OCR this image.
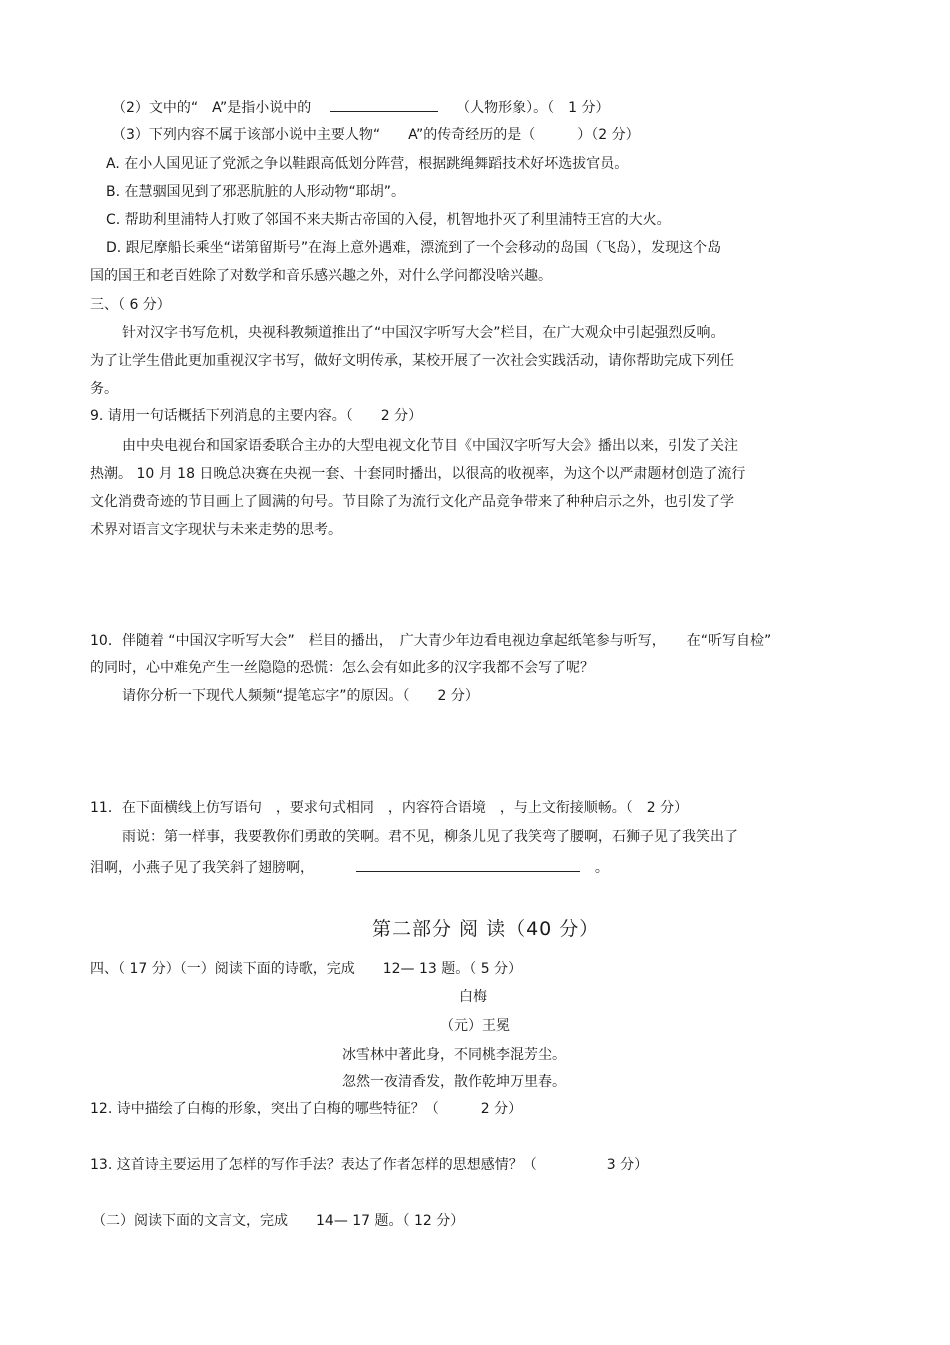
（2）文中的“　A”是指小说中的	（人物形象）。（　1 分）
（3）下列内容不属于该部小说中主要人物“　　A”的传奇经历的是（　　　）（2 分）
A. 在小人国见证了党派之争以鞋跟高低划分阵营，根据跳绳舞蹈技术好坏选拔官员。
B. 在慧骃国见到了邪恶肮脏的人形动物“耶胡”。
C. 帮助利里浦特人打败了邻国不来夫斯古帝国的入侵，机智地扑灭了利里浦特王宫的大火。
D. 跟尼摩船长乘坐“诺第留斯号”在海上意外遇难，漂流到了一个会移动的岛国（飞岛），发现这个岛
国的国王和老百姓除了对数学和音乐感兴趣之外，对什么学问都没啥兴趣。
三、（ 6 分）
针对汉字书写危机，央视科教频道推出了“中国汉字听写大会”栏目，在广大观众中引起强烈反响。
为了让学生借此更加重视汉字书写，做好文明传承，某校开展了一次社会实践活动，请你帮助完成下列任
务。
9. 请用一句话概括下列消息的主要内容。（　　2 分）
由中央电视台和国家语委联合主办的大型电视文化节目《中国汉字听写大会》播出以来，引发了关注
热潮。 10 月 18 日晚总决赛在央视一套、十套同时播出，以很高的收视率，为这个以严肃题材创造了流行
文化消费奇迹的节目画上了圆满的句号。节目除了为流行文化产品竞争带来了种种启示之外，也引发了学
术界对语言文字现状与未来走势的思考。
10．伴随着 “中国汉字听写大会”　栏目的播出，　广大青少年边看电视边拿起纸笔参与听写，　　在“听写自检”
的同时，心中难免产生一丝隐隐的恐慌：怎么会有如此多的汉字我都不会写了呢？
请你分析一下现代人频频“提笔忘字”的原因。（　　2 分）
11．在下面横线上仿写语句　，要求句式相同　，内容符合语境　，与上文衔接顺畅。（　2 分）
雨说：第一样事，我要教你们勇敢的笑啊。君不见，柳条儿见了我笑弯了腰啊，石狮子见了我笑出了
泪啊，小燕子见了我笑斜了翅膀啊，	。
第二部分 阅 读（40 分）
四、（ 17 分）（一）阅读下面的诗歌，完成　　12— 13 题。（ 5 分）
白梅
（元）王冕
冰雪林中著此身，不同桃李混芳尘。
忽然一夜清香发，散作乾坤万里春。
12. 诗中描绘了白梅的形象，突出了白梅的哪些特征？（　　　2 分）
13. 这首诗主要运用了怎样的写作手法？表达了作者怎样的思想感情？（　　　　　3 分）
（二）阅读下面的文言文，完成　　14— 17 题。（ 12 分）
